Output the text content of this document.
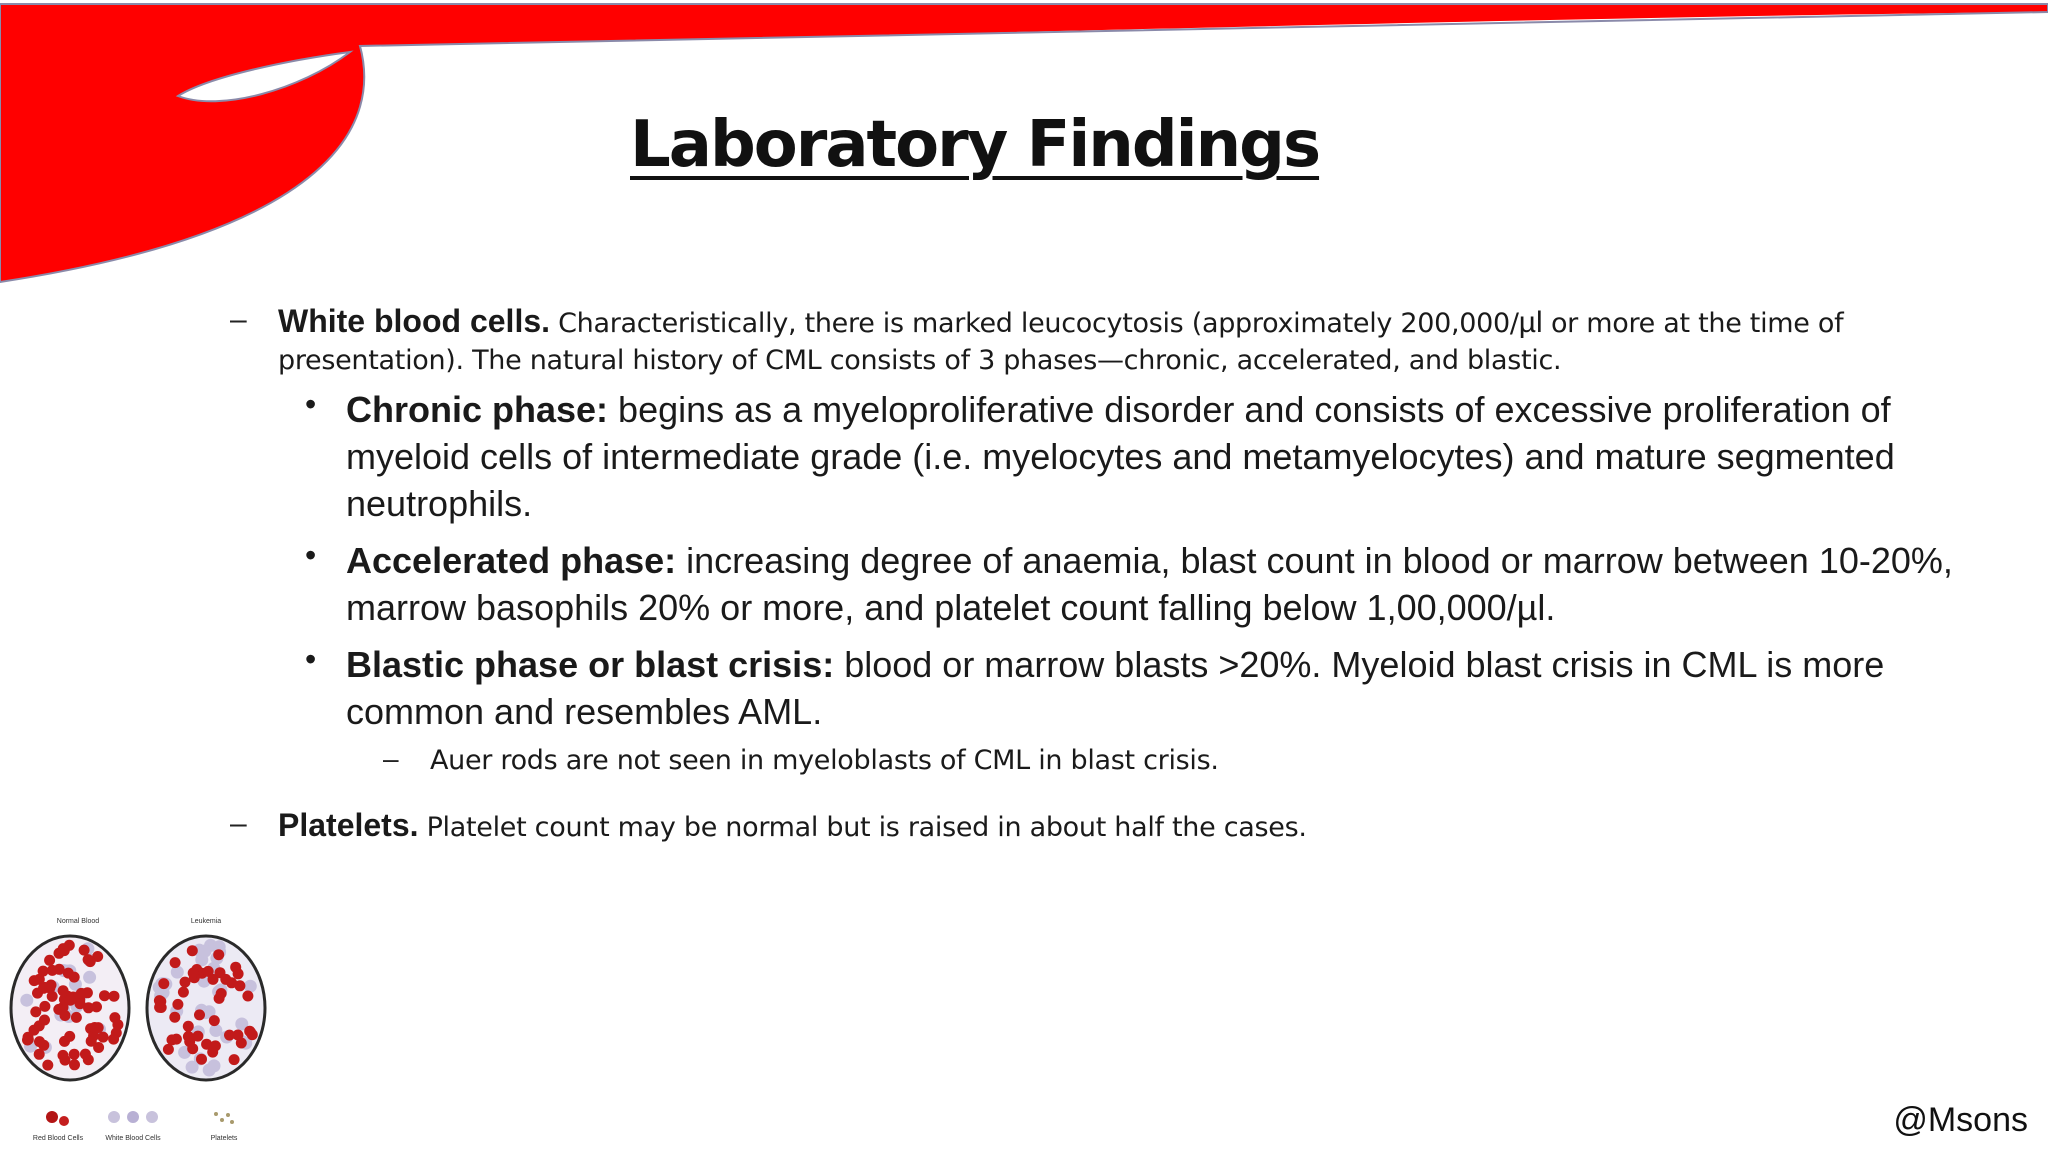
Laboratory Findings
– White blood cells. Characteristically, there is marked leucocytosis (approximately 200,000/µl or more at the time of presentation). The natural history of CML consists of 3 phases—chronic, accelerated, and blastic.
• Chronic phase: begins as a myeloproliferative disorder and consists of excessive proliferation of myeloid cells of intermediate grade (i.e. myelocytes and metamyelocytes) and mature segmented neutrophils.
• Accelerated phase: increasing degree of anaemia, blast count in blood or marrow between 10-20%, marrow basophils 20% or more, and platelet count falling below 1,00,000/µl.
• Blastic phase or blast crisis: blood or marrow blasts >20%. Myeloid blast crisis in CML is more common and resembles AML.
– Auer rods are not seen in myeloblasts of CML in blast crisis.
– Platelets. Platelet count may be normal but is raised in about half the cases.
Normal Blood	Leukemia
Red Blood Cells	White Blood Cells	Platelets	@Msons
